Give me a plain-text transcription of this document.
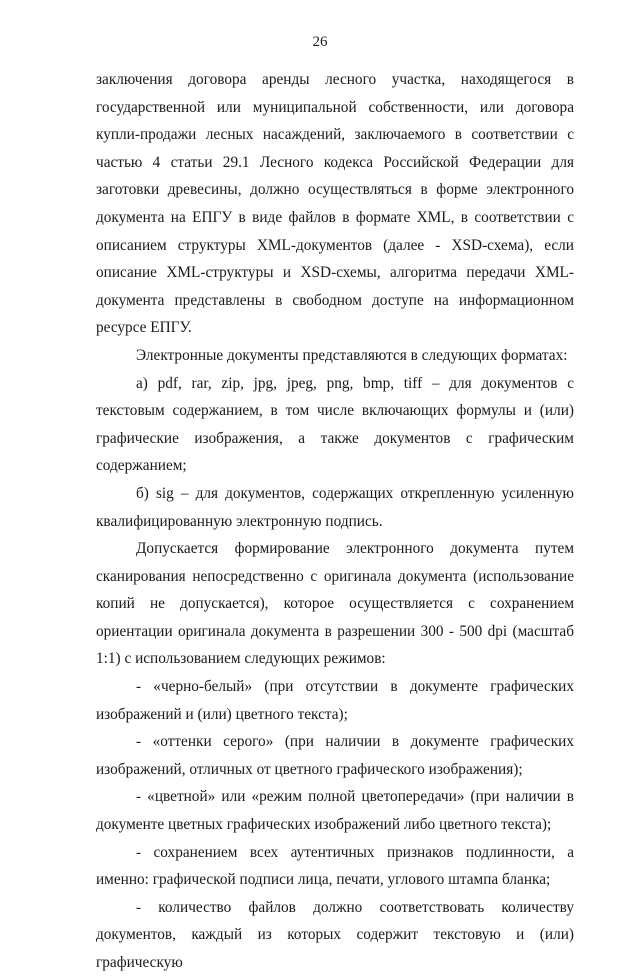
26

заключения договора аренды лесного участка, находящегося в государственной или муниципальной собственности, или договора купли-продажи лесных насаждений, заключаемого в соответствии с частью 4 статьи 29.1 Лесного кодекса Российской Федерации для заготовки древесины, должно осуществляться в форме электронного документа на ЕПГУ в виде файлов в формате XML, в соответствии с описанием структуры XML-документов (далее - XSD-схема), если описание XML-структуры и XSD-схемы, алгоритма передачи XML-документа представлены в свободном доступе на информационном ресурсе ЕПГУ.

Электронные документы представляются в следующих форматах:

а) pdf, rar, zip, jpg, jpeg, png, bmp, tiff – для документов с текстовым содержанием, в том числе включающих формулы и (или) графические изображения, а также документов с графическим содержанием;

б) sig – для документов, содержащих открепленную усиленную квалифицированную электронную подпись.

Допускается формирование электронного документа путем сканирования непосредственно с оригинала документа (использование копий не допускается), которое осуществляется с сохранением ориентации оригинала документа в разрешении 300 - 500 dpi (масштаб 1:1) с использованием следующих режимов:

- «черно-белый» (при отсутствии в документе графических изображений и (или) цветного текста);

- «оттенки серого» (при наличии в документе графических изображений, отличных от цветного графического изображения);

- «цветной» или «режим полной цветопередачи» (при наличии в документе цветных графических изображений либо цветного текста);

- сохранением всех аутентичных признаков подлинности, а именно: графической подписи лица, печати, углового штампа бланка;

- количество файлов должно соответствовать количеству документов, каждый из которых содержит текстовую и (или) графическую
